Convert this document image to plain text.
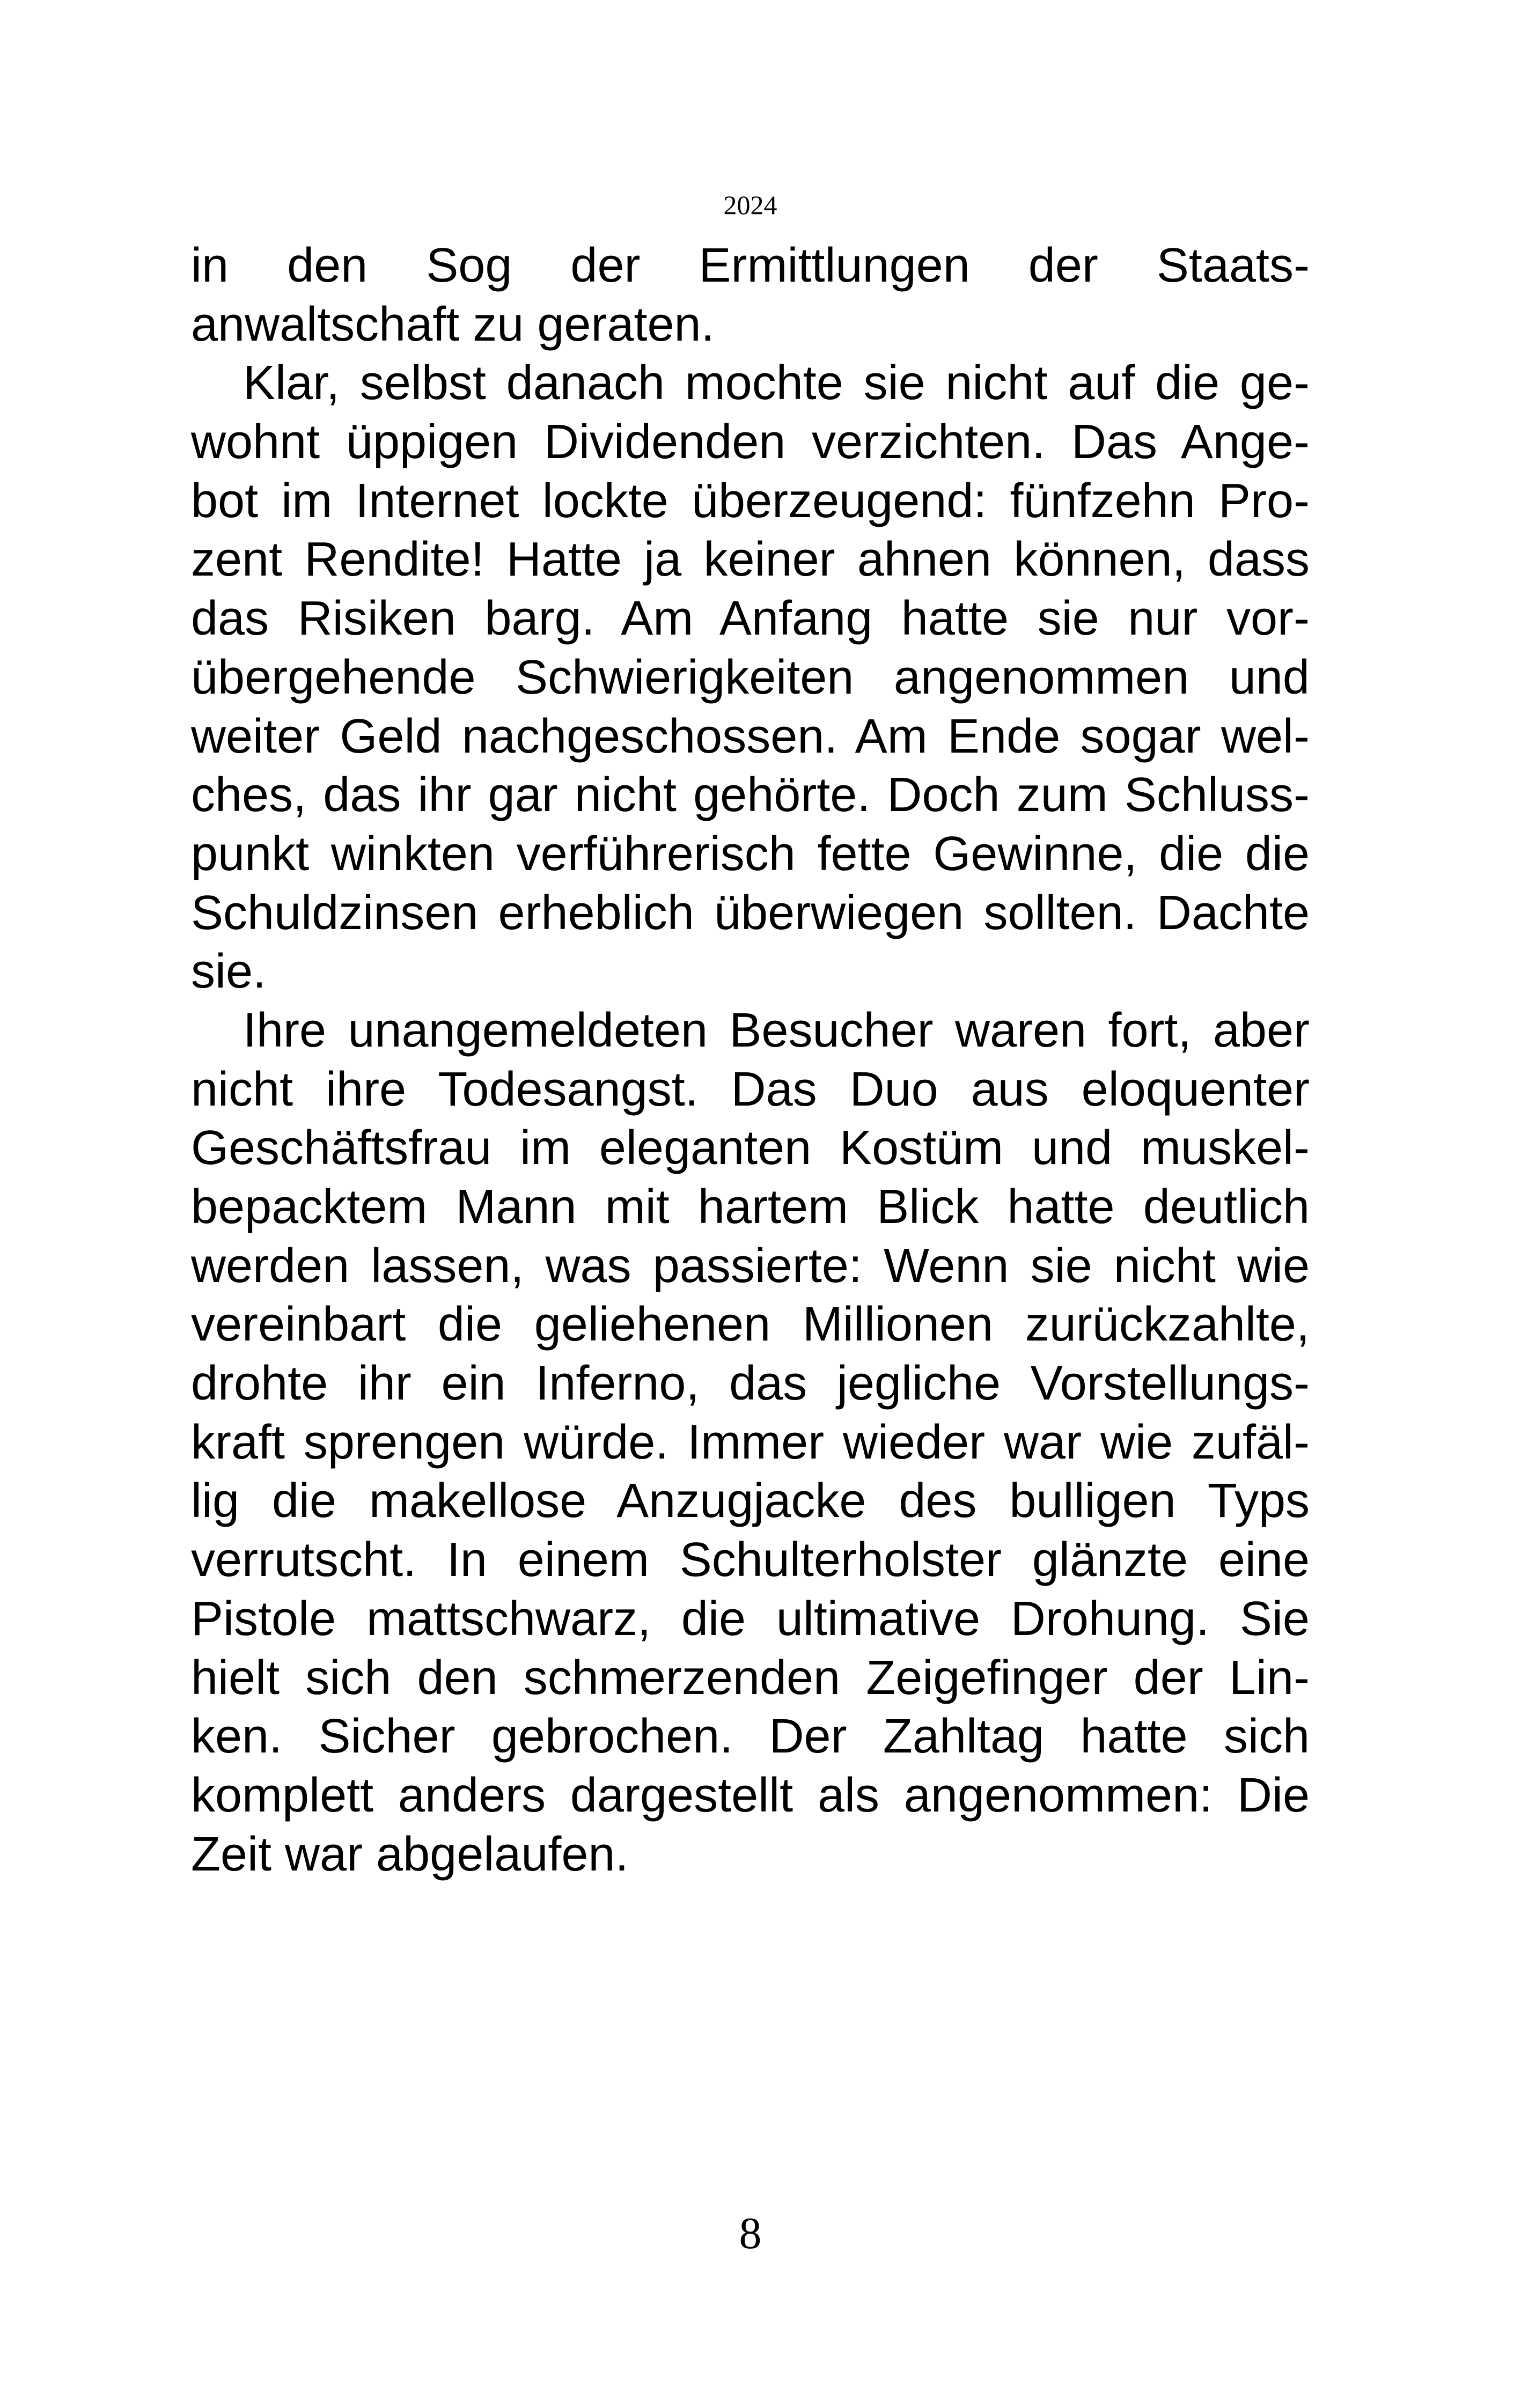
2024
in den Sog der Ermittlungen der Staats-
anwaltschaft zu geraten.
Klar, selbst danach mochte sie nicht auf die ge-
wohnt üppigen Dividenden verzichten. Das Ange-
bot im Internet lockte überzeugend: fünfzehn Pro-
zent Rendite! Hatte ja keiner ahnen können, dass
das Risiken barg. Am Anfang hatte sie nur vor-
übergehende Schwierigkeiten angenommen und
weiter Geld nachgeschossen. Am Ende sogar wel-
ches, das ihr gar nicht gehörte. Doch zum Schluss-
punkt winkten verführerisch fette Gewinne, die die
Schuldzinsen erheblich überwiegen sollten. Dachte
sie.
Ihre unangemeldeten Besucher waren fort, aber
nicht ihre Todesangst. Das Duo aus eloquenter
Geschäftsfrau im eleganten Kostüm und muskel-
bepacktem Mann mit hartem Blick hatte deutlich
werden lassen, was passierte: Wenn sie nicht wie
vereinbart die geliehenen Millionen zurückzahlte,
drohte ihr ein Inferno, das jegliche Vorstellungs-
kraft sprengen würde. Immer wieder war wie zufäl-
lig die makellose Anzugjacke des bulligen Typs
verrutscht. In einem Schulterholster glänzte eine
Pistole mattschwarz, die ultimative Drohung. Sie
hielt sich den schmerzenden Zeigefinger der Lin-
ken. Sicher gebrochen. Der Zahltag hatte sich
komplett anders dargestellt als angenommen: Die
Zeit war abgelaufen.
8
